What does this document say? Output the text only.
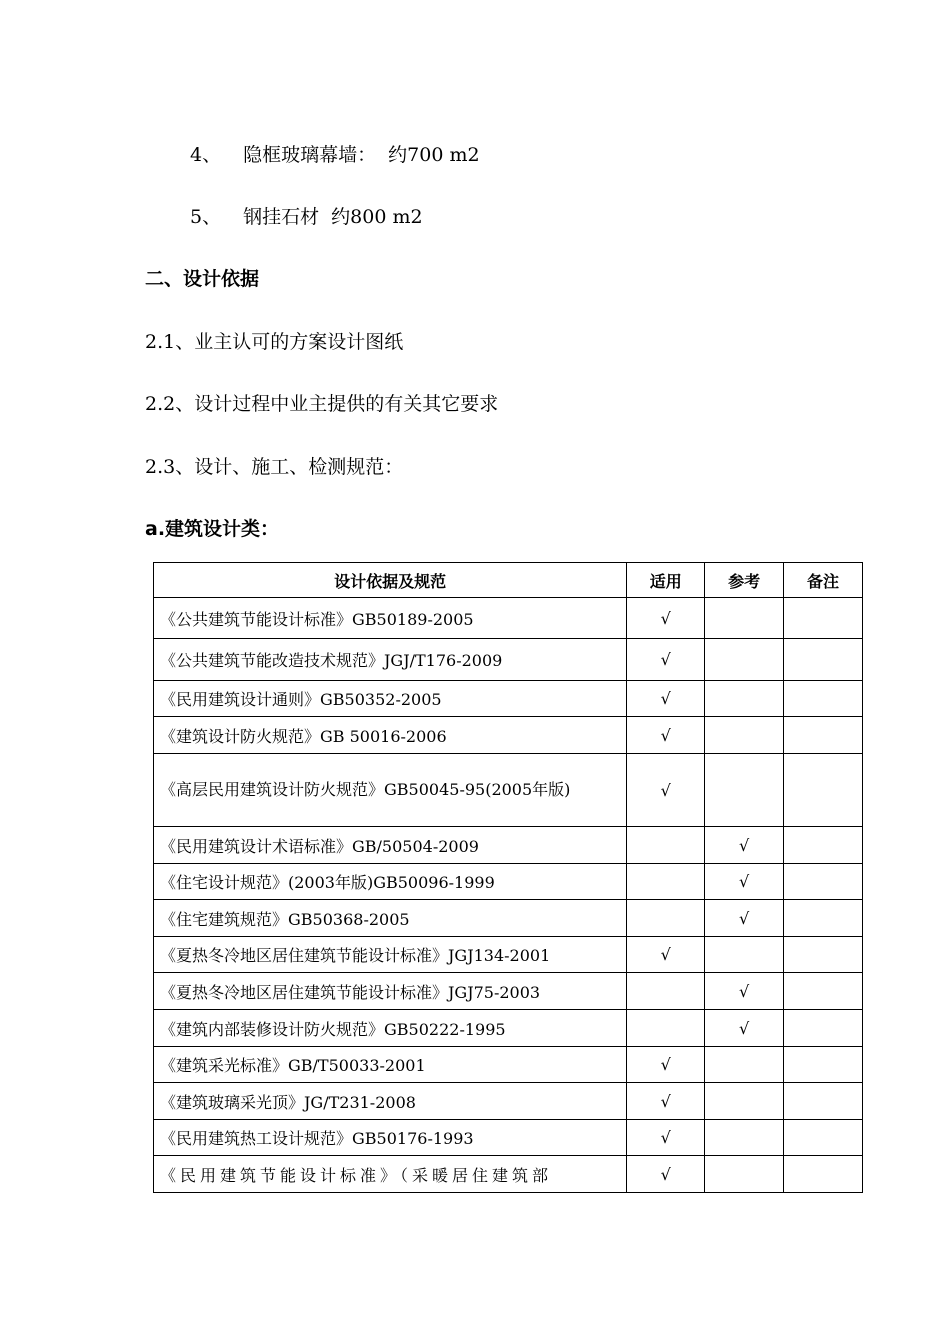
4、 隐框玻璃幕墙：  约700 m2
5、 钢挂石材  约800 m2
二、设计依据
2.1、业主认可的方案设计图纸
2.2、设计过程中业主提供的有关其它要求
2.3、设计、施工、检测规范：
a.建筑设计类：
设计依据及规范	适用	参考	备注
《公共建筑节能设计标准》GB50189-2005	√		
《公共建筑节能改造技术规范》JGJ/T176-2009	√		
《民用建筑设计通则》GB50352-2005	√		
《建筑设计防火规范》GB 50016-2006	√		
《高层民用建筑设计防火规范》GB50045-95(2005年版)	√		
《民用建筑设计术语标准》GB/50504-2009		√	
《住宅设计规范》(2003年版)GB50096-1999		√	
《住宅建筑规范》GB50368-2005		√	
《夏热冬冷地区居住建筑节能设计标准》JGJ134-2001	√		
《夏热冬冷地区居住建筑节能设计标准》JGJ75-2003		√	
《建筑内部装修设计防火规范》GB50222-1995		√	
《建筑采光标准》GB/T50033-2001	√		
《建筑玻璃采光顶》JG/T231-2008	√		
《民用建筑热工设计规范》GB50176-1993	√		
《民用建筑节能设计标准》（采暖居住建筑部	√		
